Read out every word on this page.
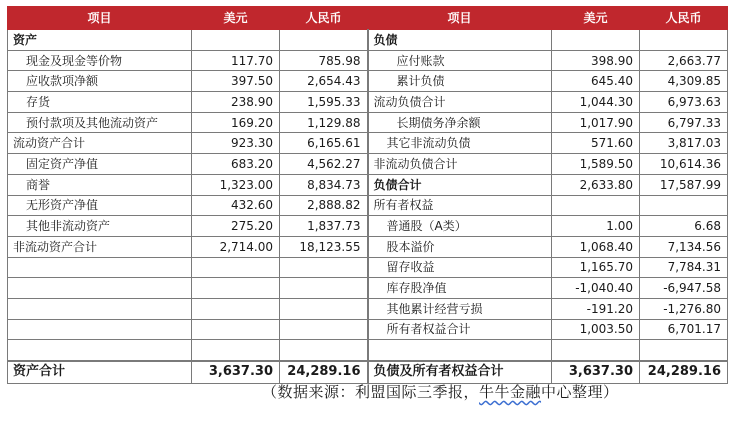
项目	美元	人民币	项目	美元	人民币
资产			负债		
现金及现金等价物	117.70	785.98	应付账款	398.90	2,663.77
应收款项净额	397.50	2,654.43	累计负债	645.40	4,309.85
存货	238.90	1,595.33	流动负债合计	1,044.30	6,973.63
预付款项及其他流动资产	169.20	1,129.88	长期债务净余额	1,017.90	6,797.33
流动资产合计	923.30	6,165.61	其它非流动负债	571.60	3,817.03
固定资产净值	683.20	4,562.27	非流动负债合计	1,589.50	10,614.36
商誉	1,323.00	8,834.73	负债合计	2,633.80	17,587.99
无形资产净值	432.60	2,888.82	所有者权益		
其他非流动资产	275.20	1,837.73	普通股（A类）	1.00	6.68
非流动资产合计	2,714.00	18,123.55	股本溢价	1,068.40	7,134.56
			留存收益	1,165.70	7,784.31
			库存股净值	-1,040.40	-6,947.58
			其他累计经营亏损	-191.20	-1,276.80
			所有者权益合计	1,003.50	6,701.17

资产合计	3,637.30	24,289.16	负债及所有者权益合计	3,637.30	24,289.16
（数据来源：利盟国际三季报，牛牛金融中心整理）
